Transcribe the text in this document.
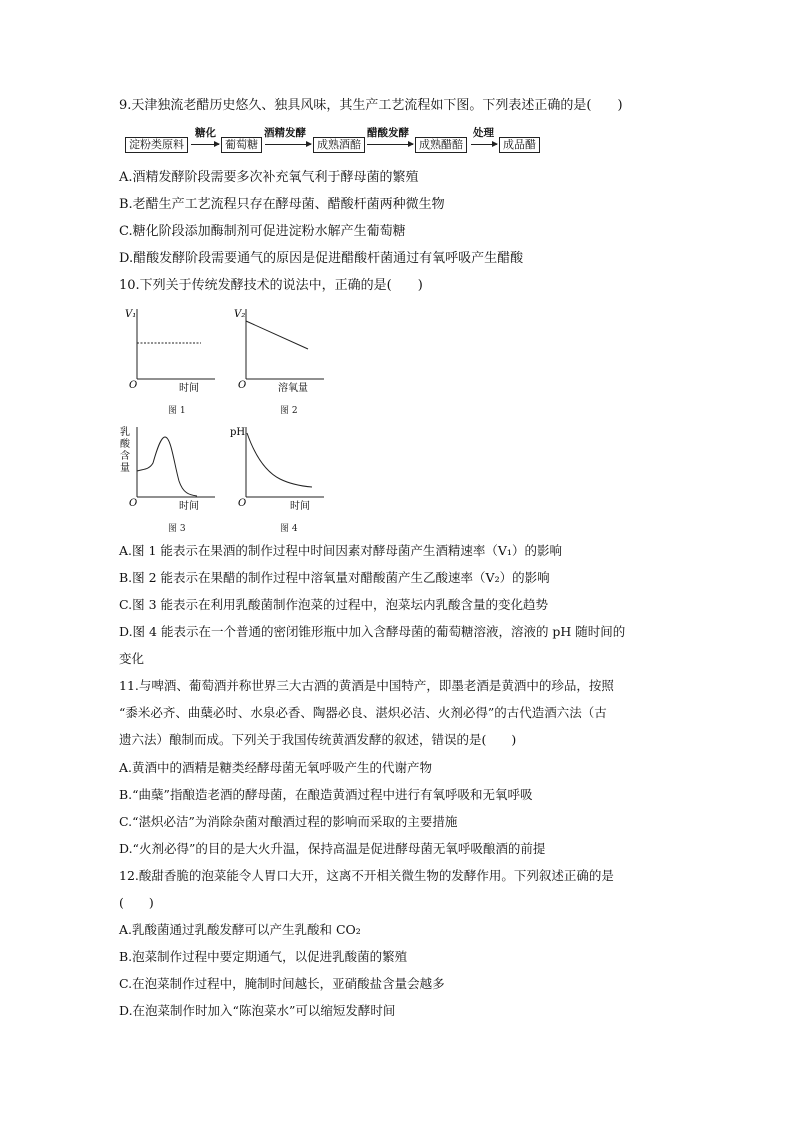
9.天津独流老醋历史悠久、独具风味，其生产工艺流程如下图。下列表述正确的是(　　)
淀粉类原料
糖化
葡萄糖
酒精发酵
成熟酒醅
醋酸发酵
成熟醋醅
处理
成品醋
A.酒精发酵阶段需要多次补充氧气利于酵母菌的繁殖
B.老醋生产工艺流程只存在酵母菌、醋酸杆菌两种微生物
C.糖化阶段添加酶制剂可促进淀粉水解产生葡萄糖
D.醋酸发酵阶段需要通气的原因是促进醋酸杆菌通过有氧呼吸产生醋酸
10.下列关于传统发酵技术的说法中，正确的是(　　)
V₁
O	时间
图 1
V₂
O	溶氧量
图 2
乳
酸
含
量
O	时间
图 3
pH
O	时间
图 4
A.图 1 能表示在果酒的制作过程中时间因素对酵母菌产生酒精速率（V₁）的影响
B.图 2 能表示在果醋的制作过程中溶氧量对醋酸菌产生乙酸速率（V₂）的影响
C.图 3 能表示在利用乳酸菌制作泡菜的过程中，泡菜坛内乳酸含量的变化趋势
D.图 4 能表示在一个普通的密闭锥形瓶中加入含酵母菌的葡萄糖溶液，溶液的 pH 随时间的
变化
11.与啤酒、葡萄酒并称世界三大古酒的黄酒是中国特产，即墨老酒是黄酒中的珍品，按照
“黍米必齐、曲蘖必时、水泉必香、陶器必良、湛炽必洁、火剂必得”的古代造酒六法（古
遗六法）酿制而成。下列关于我国传统黄酒发酵的叙述，错误的是(　　)
A.黄酒中的酒精是糖类经酵母菌无氧呼吸产生的代谢产物
B.“曲蘖”指酿造老酒的酵母菌，在酿造黄酒过程中进行有氧呼吸和无氧呼吸
C.“湛炽必洁”为消除杂菌对酿酒过程的影响而采取的主要措施
D.“火剂必得”的目的是大火升温，保持高温是促进酵母菌无氧呼吸酿酒的前提
12.酸甜香脆的泡菜能令人胃口大开，这离不开相关微生物的发酵作用。下列叙述正确的是
(　　)
A.乳酸菌通过乳酸发酵可以产生乳酸和 CO₂
B.泡菜制作过程中要定期通气，以促进乳酸菌的繁殖
C.在泡菜制作过程中，腌制时间越长，亚硝酸盐含量会越多
D.在泡菜制作时加入“陈泡菜水”可以缩短发酵时间
